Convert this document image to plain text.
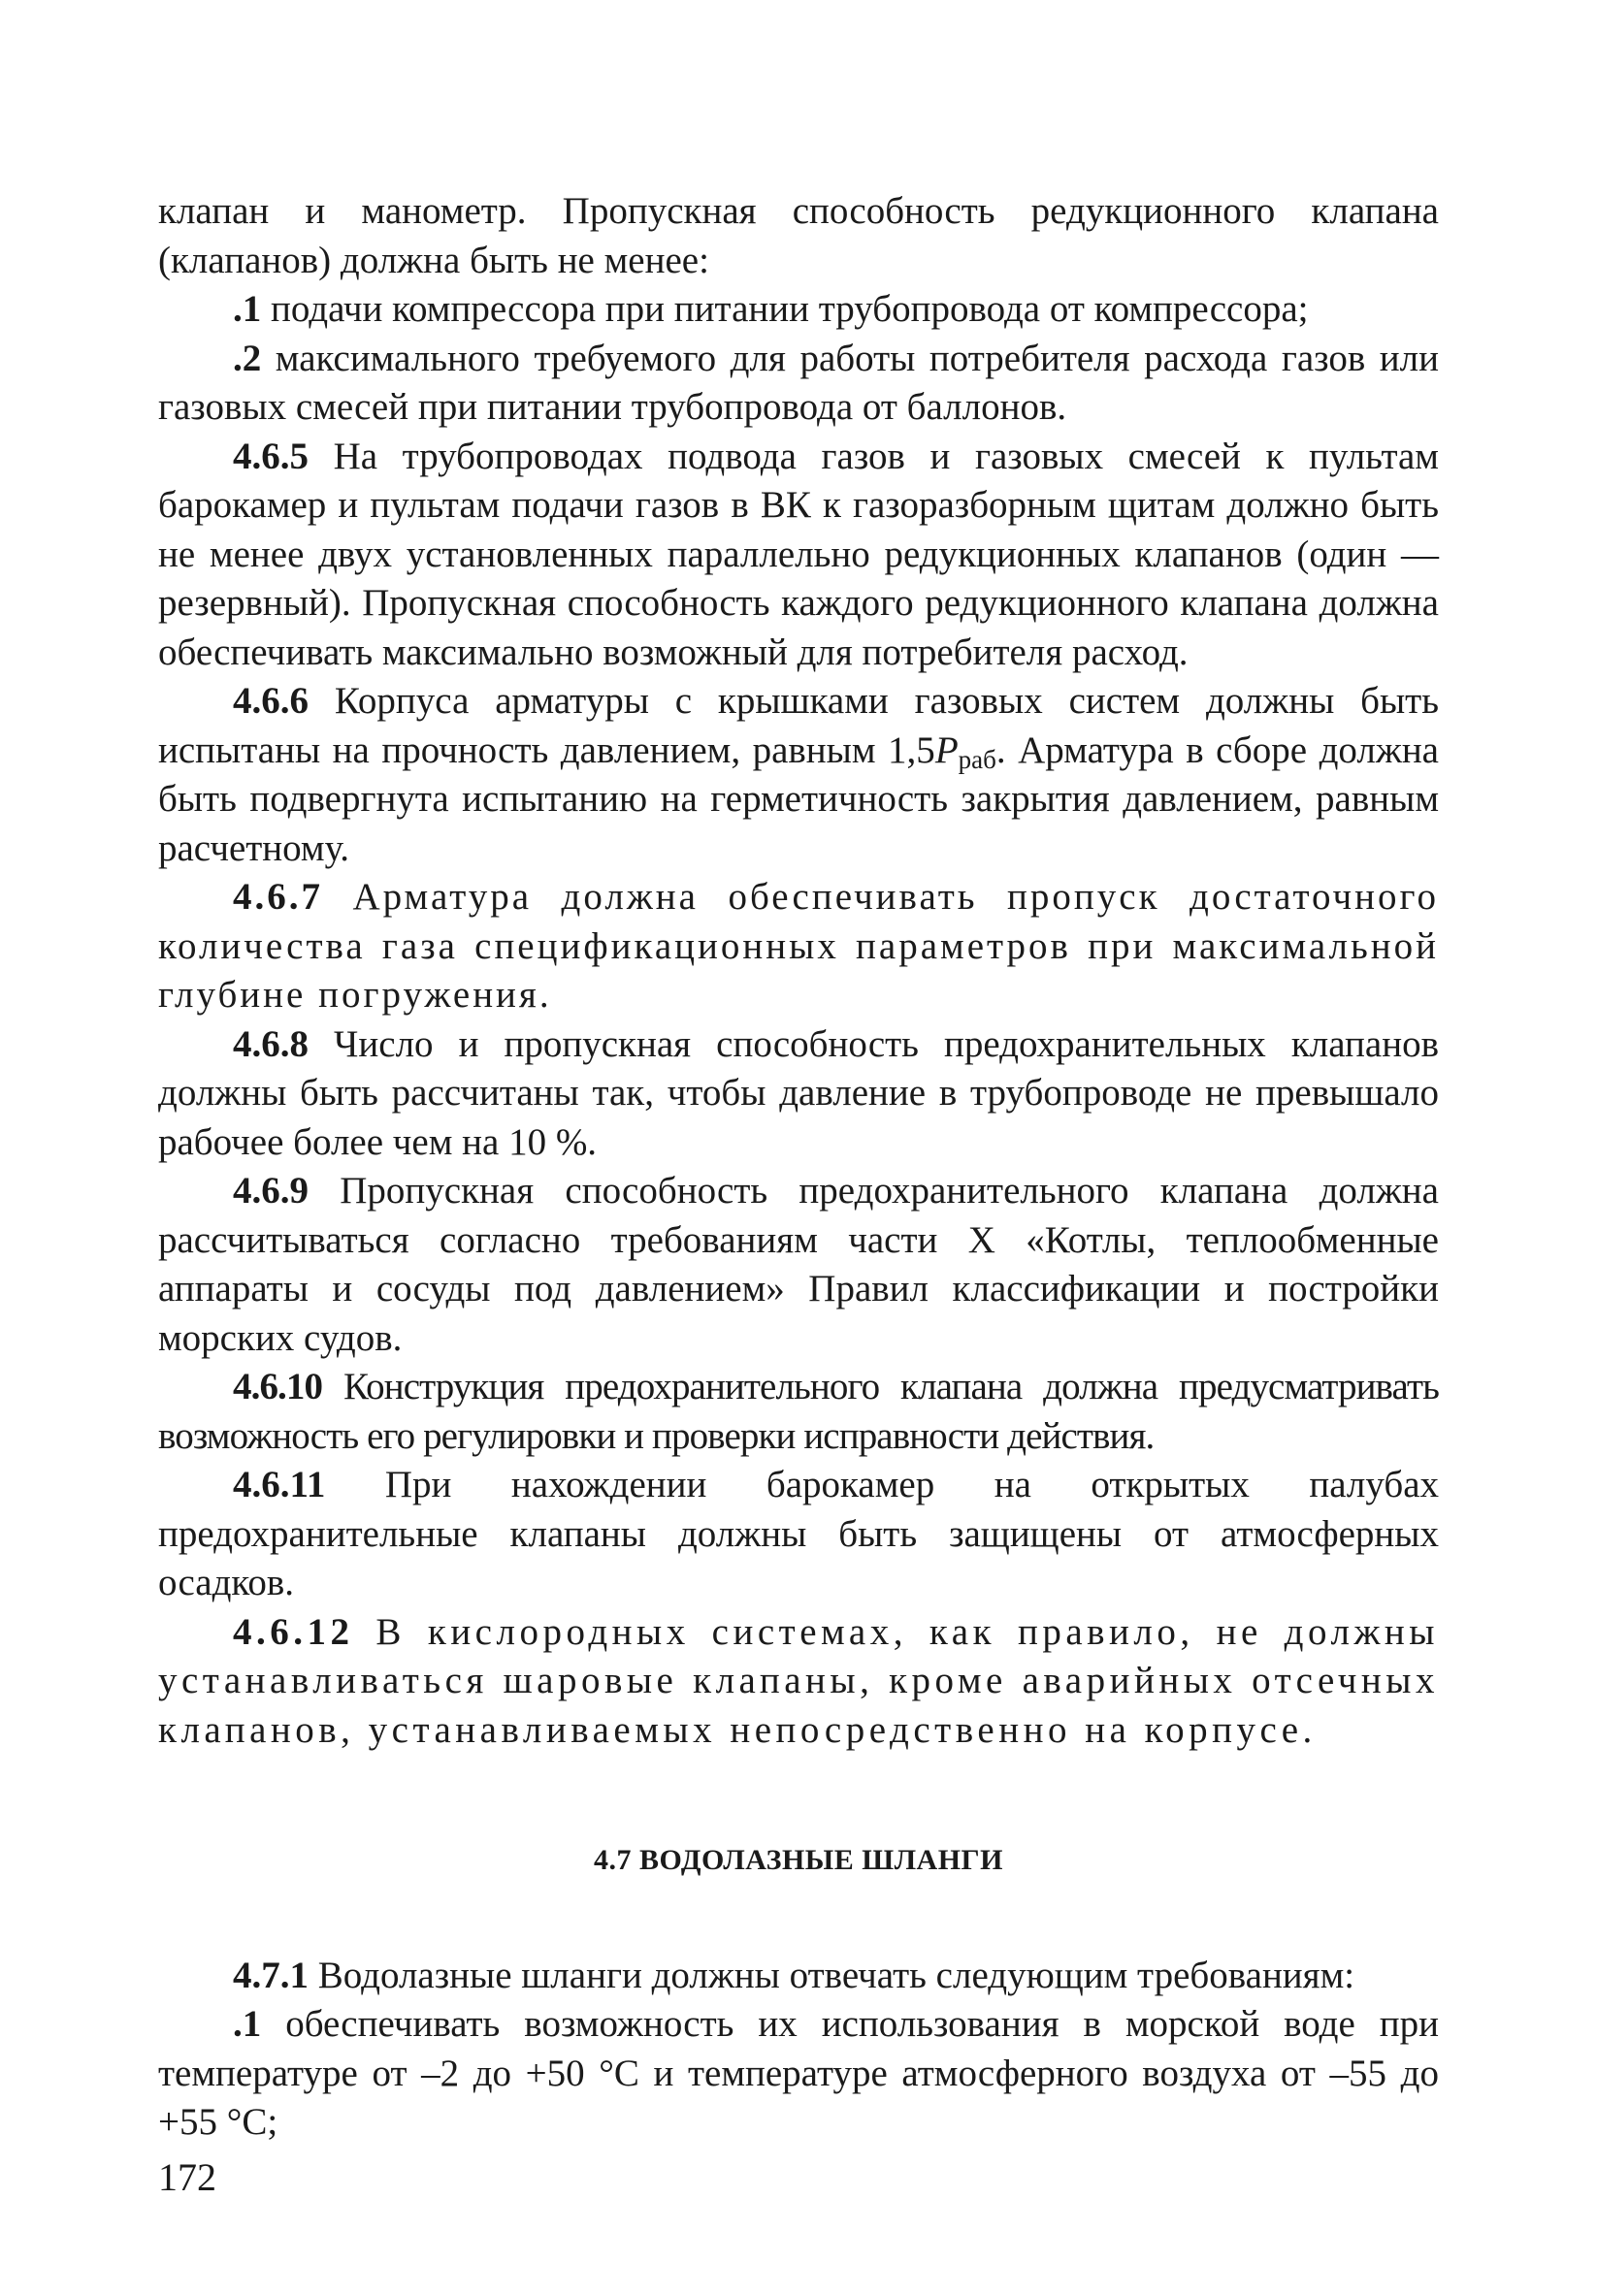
клапан и манометр. Пропускная способность редукционного клапана (клапанов) должна быть не менее:

.1 подачи компрессора при питании трубопровода от компрессора;

.2 максимального требуемого для работы потребителя расхода газов или газовых смесей при питании трубопровода от баллонов.

4.6.5 На трубопроводах подвода газов и газовых смесей к пультам барокамер и пультам подачи газов в ВК к газоразборным щитам должно быть не менее двух установленных параллельно редукционных клапанов (один — резервный). Пропускная способность каждого редукционного клапана должна обеспечивать максимально возможный для потребителя расход.

4.6.6 Корпуса арматуры с крышками газовых систем должны быть испытаны на прочность давлением, равным $1,5P_{раб}$. Арматура в сборе должна быть подвергнута испытанию на герметичность закрытия давлением, равным расчетному.

4.6.7 Арматура должна обеспечивать пропуск достаточного количества газа спецификационных параметров при максимальной глубине погружения.

4.6.8 Число и пропускная способность предохранительных клапанов должны быть рассчитаны так, чтобы давление в трубопроводе не превышало рабочее более чем на 10 %.

4.6.9 Пропускная способность предохранительного клапана должна рассчитываться согласно требованиям части X «Котлы, теплообменные аппараты и сосуды под давлением» Правил классификации и постройки морских судов.

4.6.10 Конструкция предохранительного клапана должна предусматривать возможность его регулировки и проверки исправности действия.

4.6.11 При нахождении барокамер на открытых палубах предохранительные клапаны должны быть защищены от атмосферных осадков.

4.6.12 В кислородных системах, как правило, не должны устанавливаться шаровые клапаны, кроме аварийных отсечных клапанов, устанавливаемых непосредственно на корпусе.

4.7 ВОДОЛАЗНЫЕ ШЛАНГИ

4.7.1 Водолазные шланги должны отвечать следующим требованиям:

.1 обеспечивать возможность их использования в морской воде при температуре от –2 до +50 °С и температуре атмосферного воздуха от –55 до +55 °С;

172
